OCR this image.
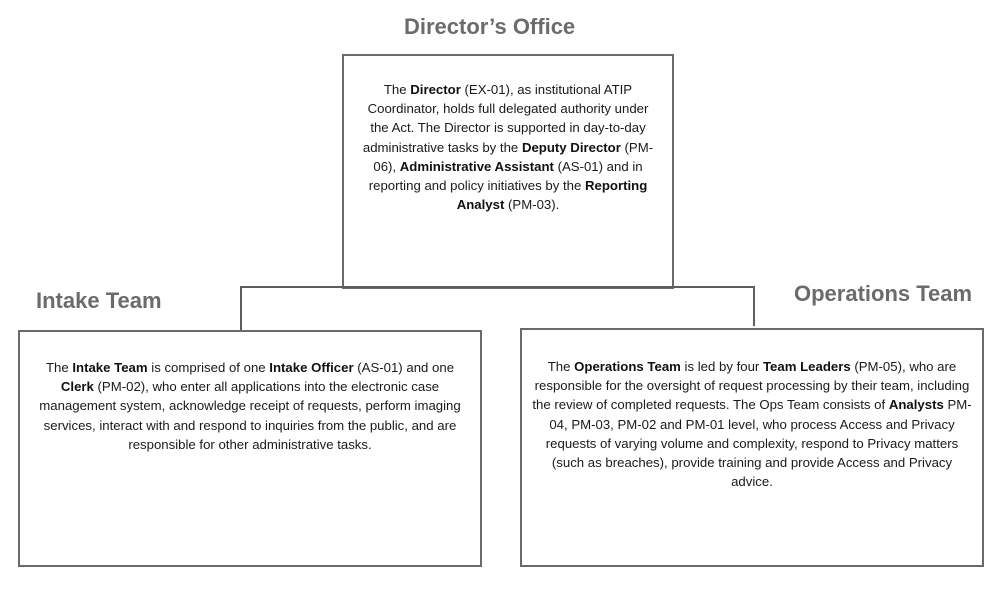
Director’s Office

The Director (EX-01), as institutional ATIP Coordinator, holds full delegated authority under the Act. The Director is supported in day-to-day administrative tasks by the Deputy Director (PM-06), Administrative Assistant (AS-01) and in reporting and policy initiatives by the Reporting Analyst (PM-03).

Intake Team

The Intake Team is comprised of one Intake Officer (AS-01) and one Clerk (PM-02), who enter all applications into the electronic case management system, acknowledge receipt of requests, perform imaging services, interact with and respond to inquiries from the public, and are responsible for other administrative tasks.

Operations Team

The Operations Team is led by four Team Leaders (PM-05), who are responsible for the oversight of request processing by their team, including the review of completed requests. The Ops Team consists of Analysts PM-04, PM-03, PM-02 and PM-01 level, who process Access and Privacy requests of varying volume and complexity, respond to Privacy matters (such as breaches), provide training and provide Access and Privacy advice.
